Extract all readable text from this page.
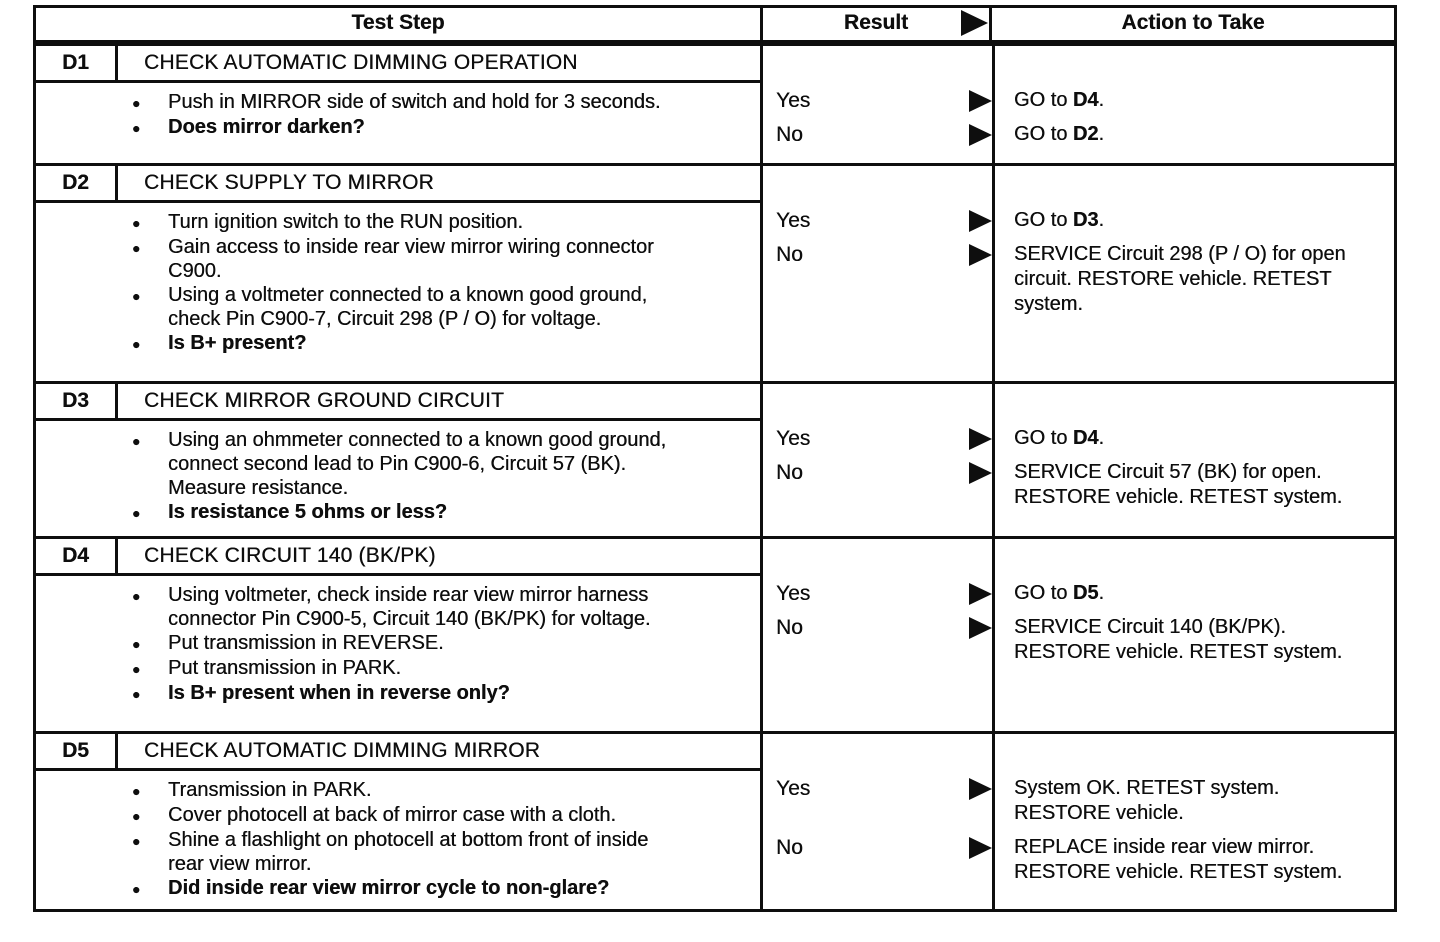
Test Step	Result	Action to Take
D1	CHECK AUTOMATIC DIMMING OPERATION
●
Push in MIRROR side of switch and hold for 3 seconds.
●
Does mirror darken?
Yes	GO to D4.
No	GO to D2.
D2	CHECK SUPPLY TO MIRROR
●
Turn ignition switch to the RUN position.
●
Gain access to inside rear view mirror wiring connector C900.
●
Using a voltmeter connected to a known good ground, check Pin C900-7, Circuit 298 (P / O) for voltage.
●
Is B+ present?
Yes	GO to D3.
No	SERVICE Circuit 298 (P / O) for open circuit. RESTORE vehicle. RETEST system.
D3	CHECK MIRROR GROUND CIRCUIT
●
Using an ohmmeter connected to a known good ground, connect second lead to Pin C900-6, Circuit 57 (BK). Measure resistance.
●
Is resistance 5 ohms or less?
Yes	GO to D4.
No	SERVICE Circuit 57 (BK) for open. RESTORE vehicle. RETEST system.
D4	CHECK CIRCUIT 140 (BK/PK)
●
Using voltmeter, check inside rear view mirror harness connector Pin C900-5, Circuit 140 (BK/PK) for voltage.
●
Put transmission in REVERSE.
●
Put transmission in PARK.
●
Is B+ present when in reverse only?
Yes	GO to D5.
No	SERVICE Circuit 140 (BK/PK). RESTORE vehicle. RETEST system.
D5	CHECK AUTOMATIC DIMMING MIRROR
●
Transmission in PARK.
●
Cover photocell at back of mirror case with a cloth.
●
Shine a flashlight on photocell at bottom front of inside rear view mirror.
●
Did inside rear view mirror cycle to non-glare?
Yes	System OK. RETEST system. RESTORE vehicle.
No	REPLACE inside rear view mirror. RESTORE vehicle. RETEST system.
